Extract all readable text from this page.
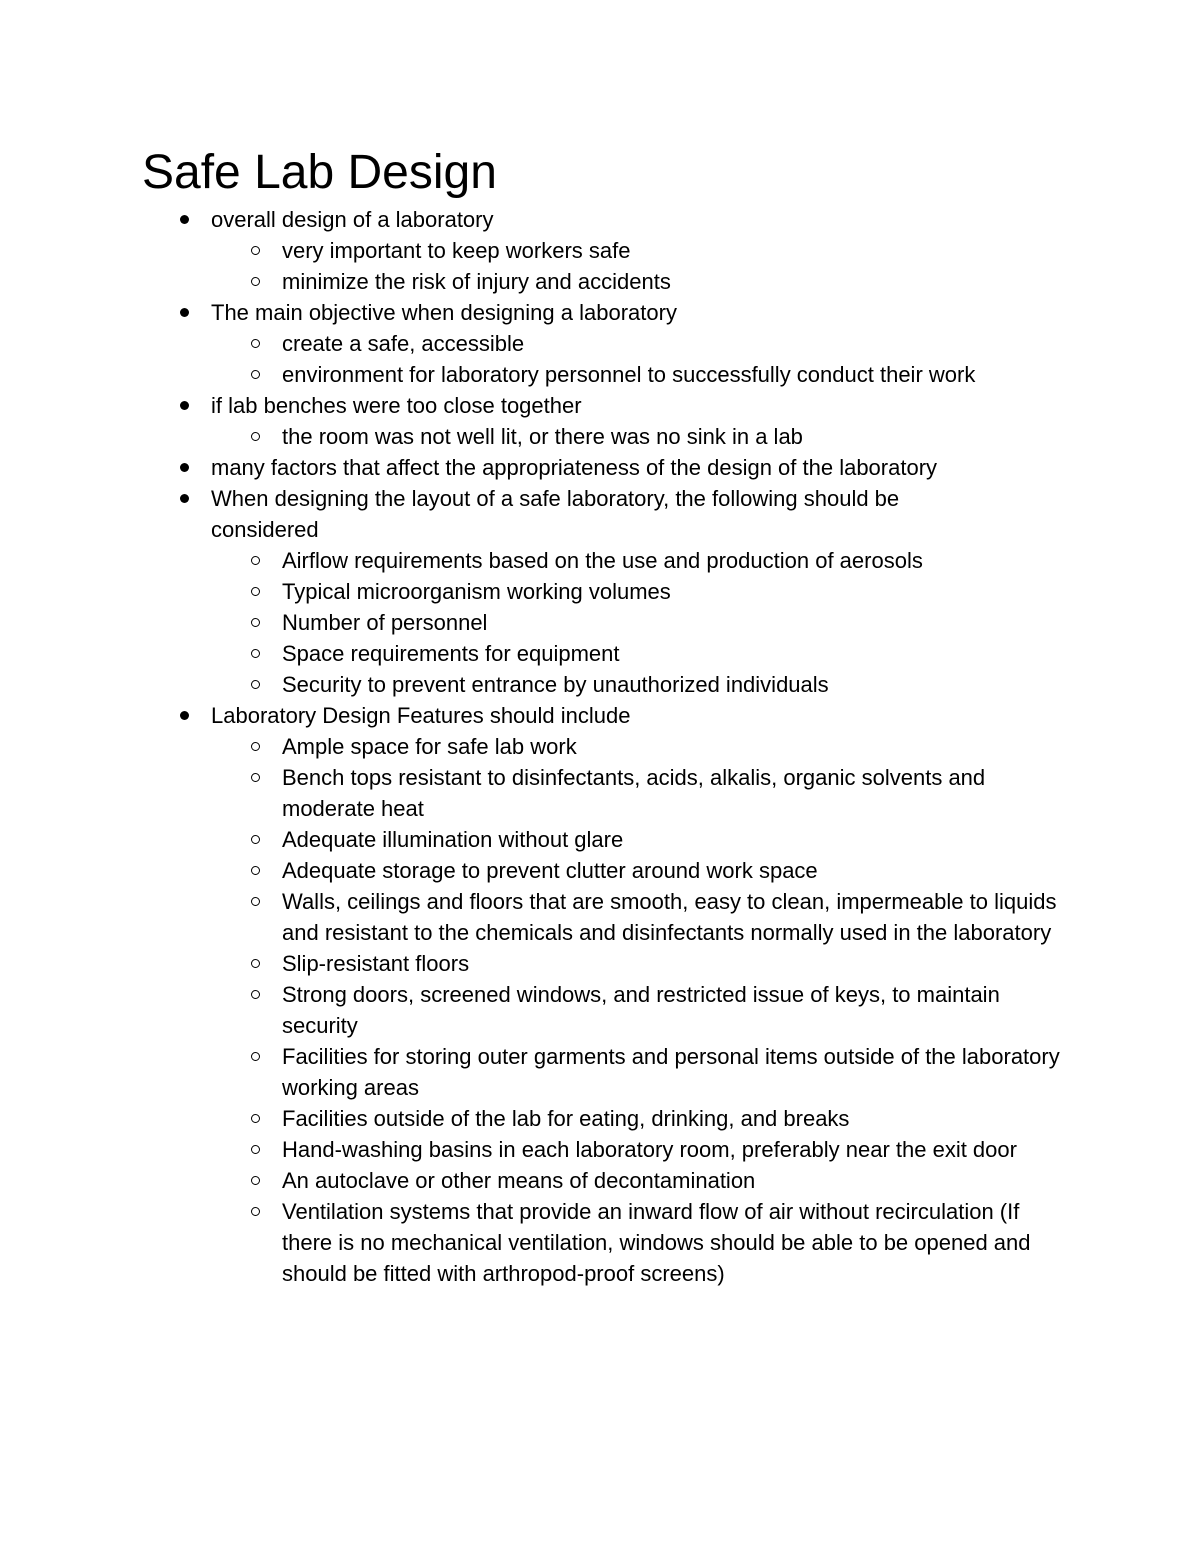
Safe Lab Design
overall design of a laboratory
very important to keep workers safe
minimize the risk of injury and accidents
The main objective when designing a laboratory
create a safe, accessible
environment for laboratory personnel to successfully conduct their work
if lab benches were too close together
the room was not well lit, or there was no sink in a lab
many factors that affect the appropriateness of the design of the laboratory
When designing the layout of a safe laboratory, the following should be considered
Airflow requirements based on the use and production of aerosols
Typical microorganism working volumes
Number of personnel
Space requirements for equipment
Security to prevent entrance by unauthorized individuals
Laboratory Design Features should include
Ample space for safe lab work
Bench tops resistant to disinfectants, acids, alkalis, organic solvents and moderate heat
Adequate illumination without glare
Adequate storage to prevent clutter around work space
Walls, ceilings and floors that are smooth, easy to clean, impermeable to liquids and resistant to the chemicals and disinfectants normally used in the laboratory
Slip-resistant floors
Strong doors, screened windows, and restricted issue of keys, to maintain security
Facilities for storing outer garments and personal items outside of the laboratory working areas
Facilities outside of the lab for eating, drinking, and breaks
Hand-washing basins in each laboratory room, preferably near the exit door
An autoclave or other means of decontamination
Ventilation systems that provide an inward flow of air without recirculation (If there is no mechanical ventilation, windows should be able to be opened and should be fitted with arthropod-proof screens)
